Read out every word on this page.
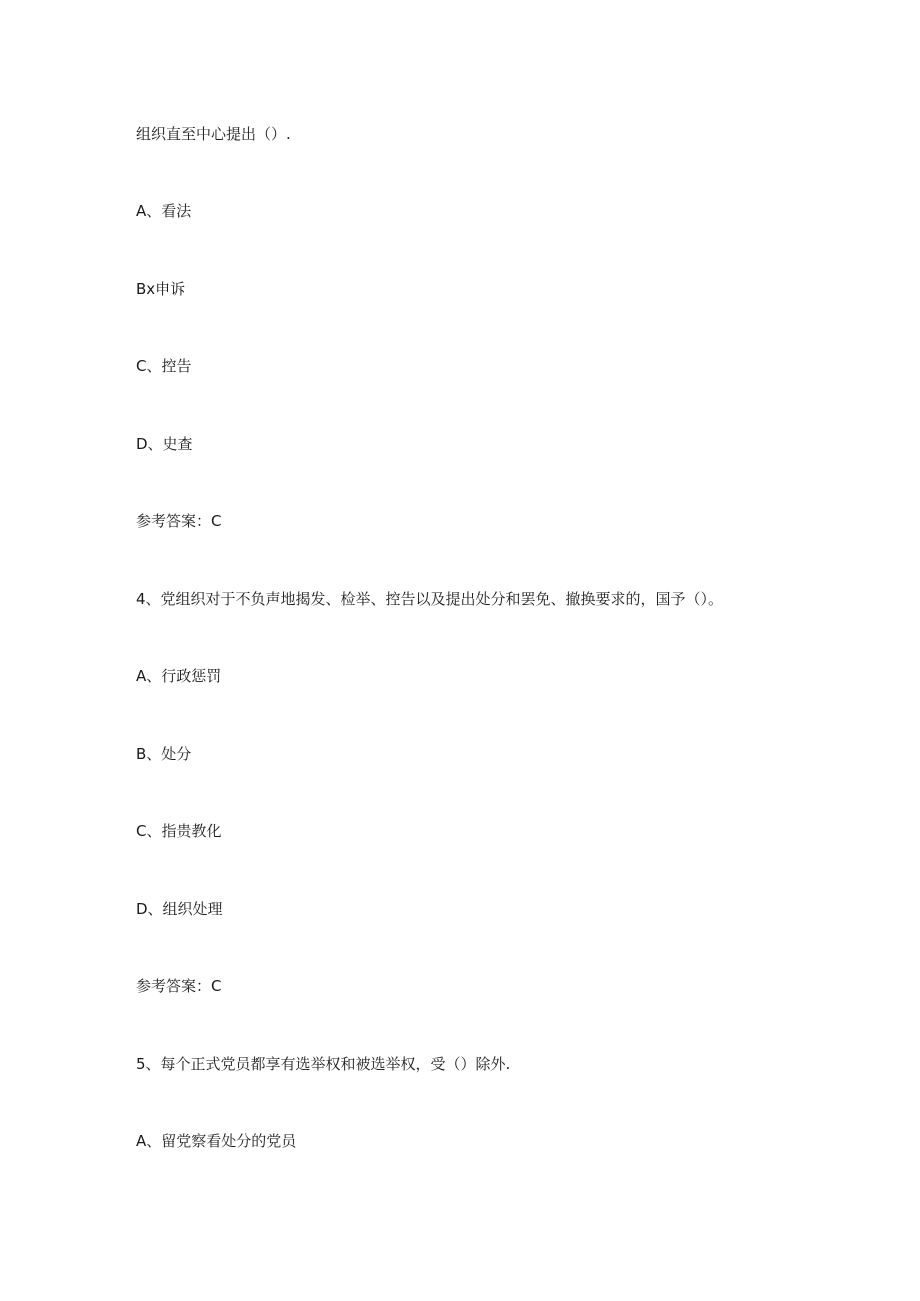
组织直至中心提出（）.
A、看法
Bx申诉
C、控告
D、史查
参考答案：C
4、党组织对于不负声地揭发、检举、控告以及提出处分和罢免、撤换要求的，国予（）。
A、行政惩罚
B、处分
C、指贵教化
D、组织处理
参考答案：C
5、每个正式党员都享有选举权和被选举权，受（）除外.
A、留党察看处分的党员
